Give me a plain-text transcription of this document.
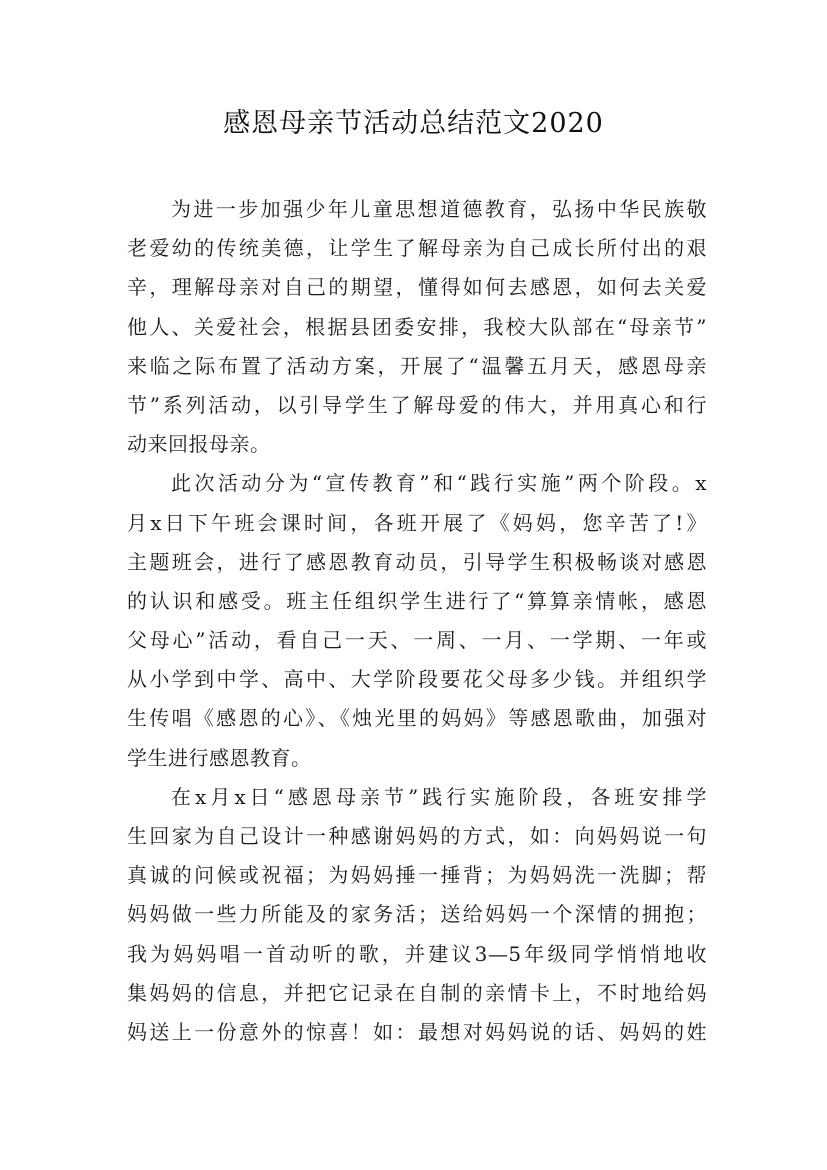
感恩母亲节活动总结范文2020
为进一步加强少年儿童思想道德教育，弘扬中华民族敬
老爱幼的传统美德，让学生了解母亲为自己成长所付出的艰
辛，理解母亲对自己的期望，懂得如何去感恩，如何去关爱
他人、关爱社会，根据县团委安排，我校大队部在“母亲节”
来临之际布置了活动方案，开展了“温馨五月天，感恩母亲
节”系列活动，以引导学生了解母爱的伟大，并用真心和行
动来回报母亲。
此次活动分为“宣传教育”和“践行实施”两个阶段。x
月x日下午班会课时间，各班开展了《妈妈，您辛苦了!》
主题班会，进行了感恩教育动员，引导学生积极畅谈对感恩
的认识和感受。班主任组织学生进行了“算算亲情帐，感恩
父母心”活动，看自己一天、一周、一月、一学期、一年或
从小学到中学、高中、大学阶段要花父母多少钱。并组织学
生传唱《感恩的心》、《烛光里的妈妈》等感恩歌曲，加强对
学生进行感恩教育。
在x月x日“感恩母亲节”践行实施阶段，各班安排学
生回家为自己设计一种感谢妈妈的方式，如：向妈妈说一句
真诚的问候或祝福；为妈妈捶一捶背；为妈妈洗一洗脚；帮
妈妈做一些力所能及的家务活；送给妈妈一个深情的拥抱；
我为妈妈唱一首动听的歌，并建议3—5年级同学悄悄地收
集妈妈的信息，并把它记录在自制的亲情卡上，不时地给妈
妈送上一份意外的惊喜！如：最想对妈妈说的话、妈妈的姓
